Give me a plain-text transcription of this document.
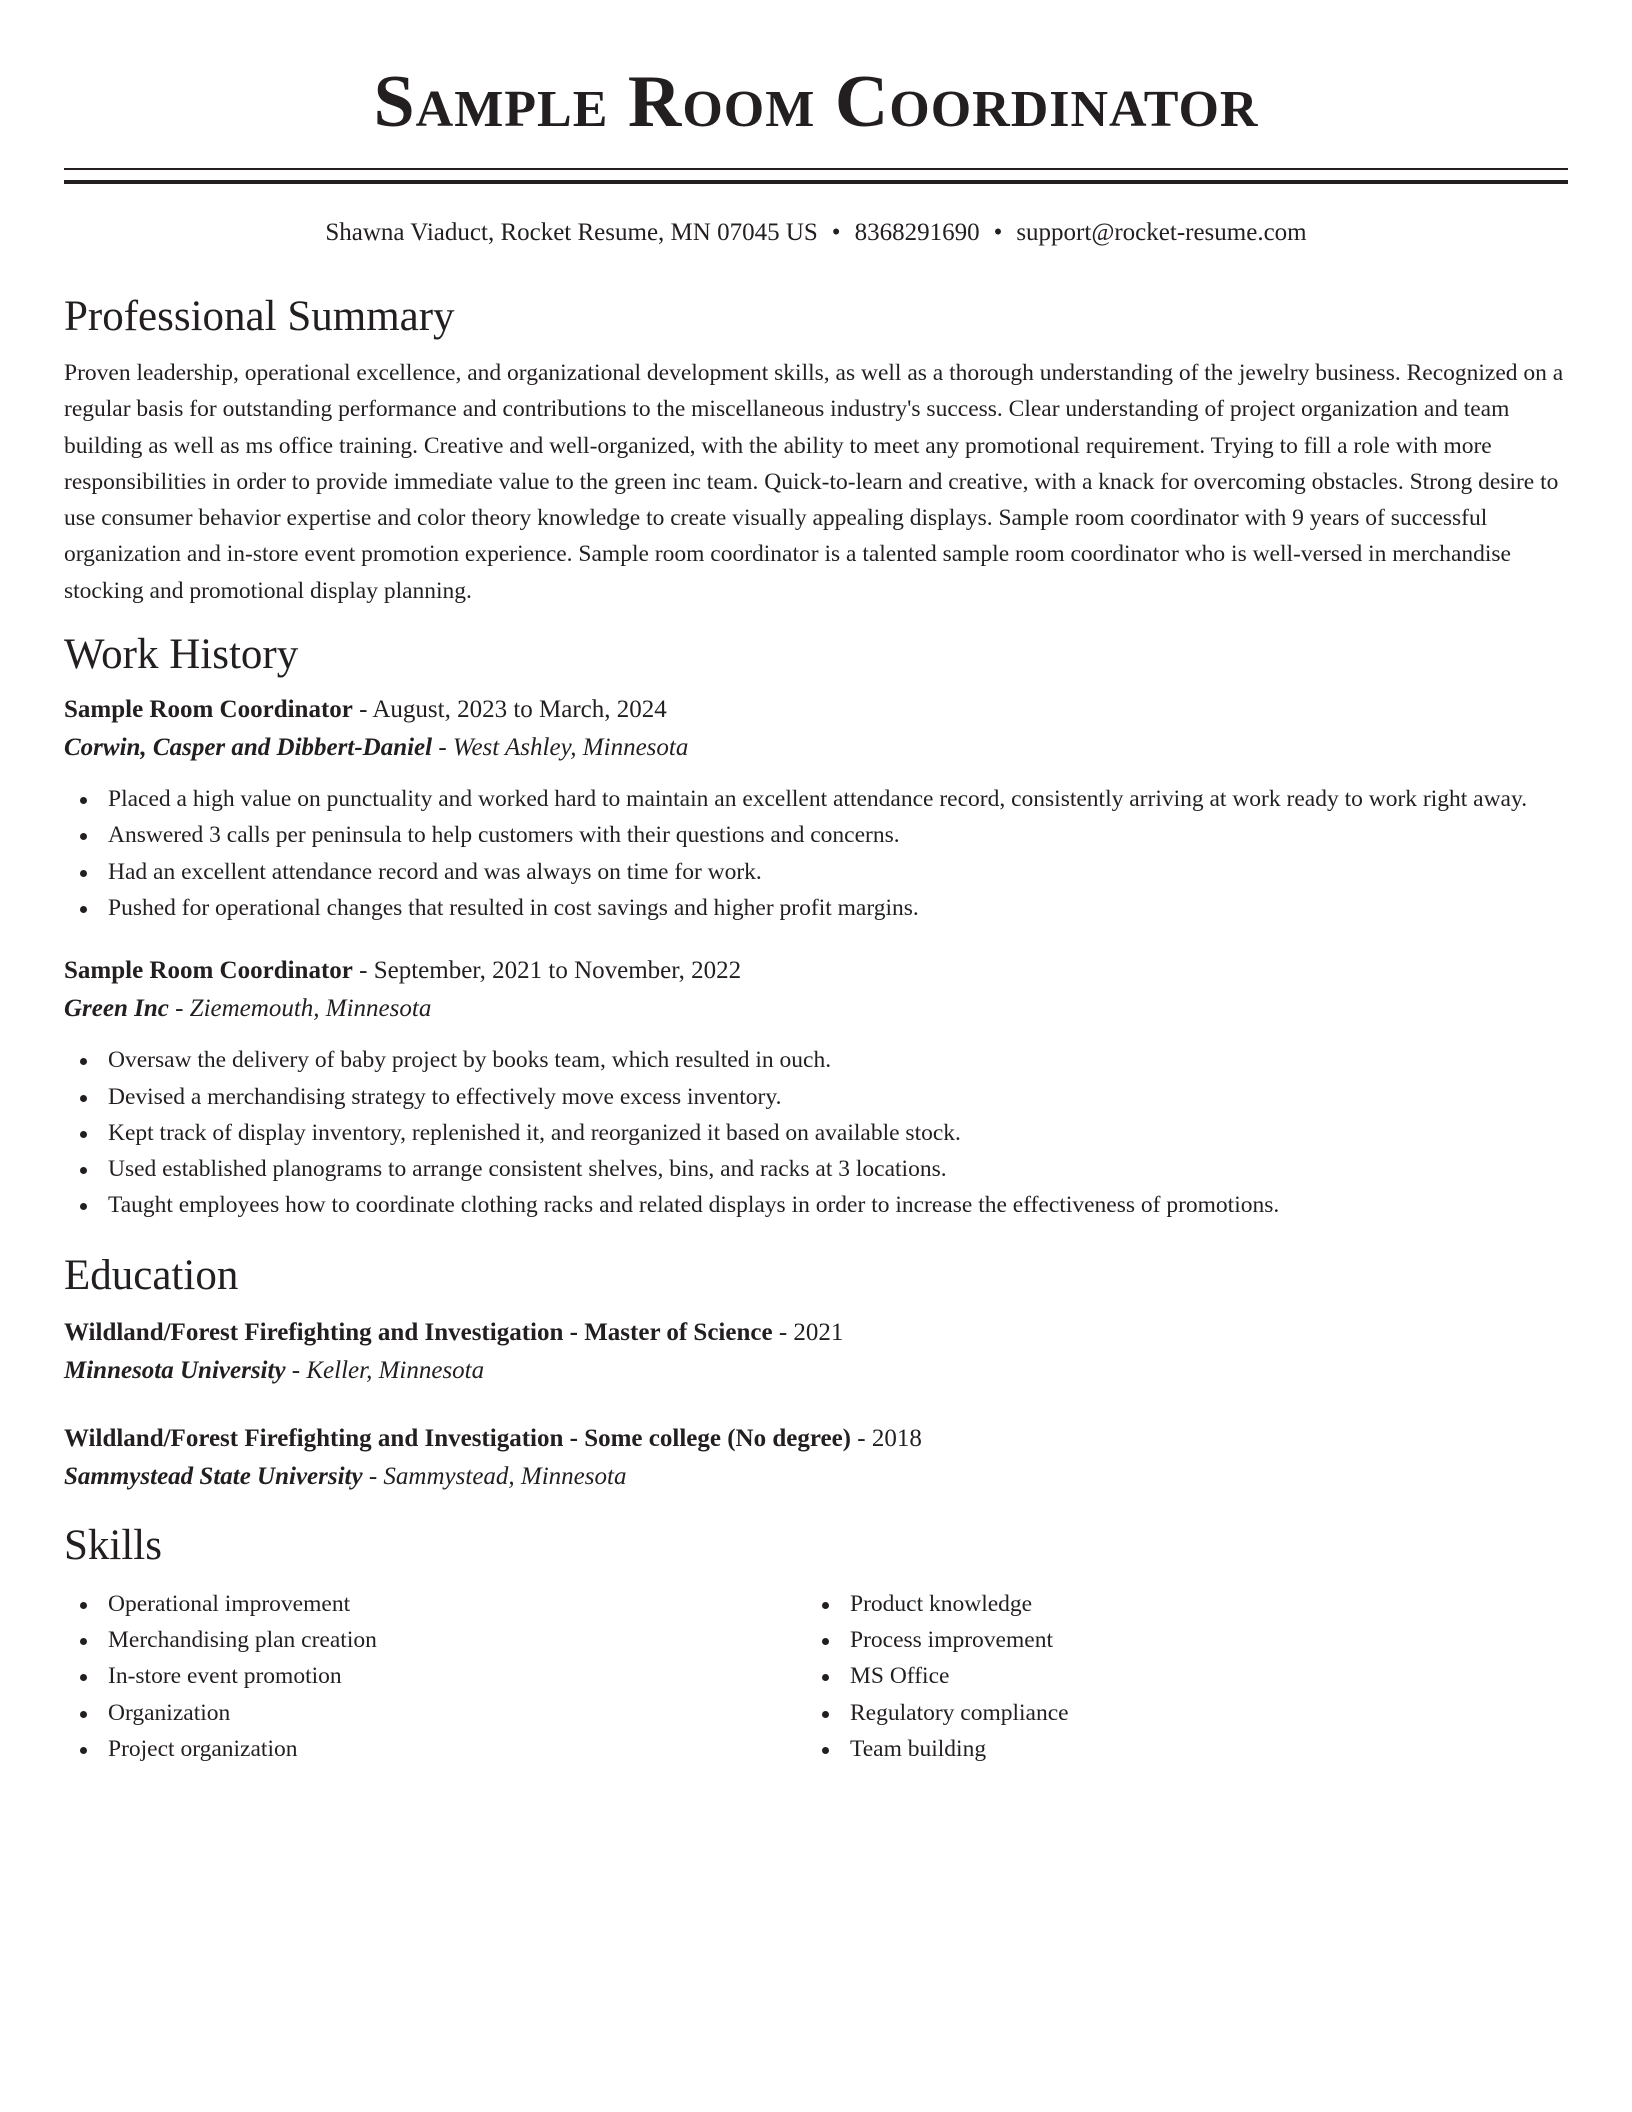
Sample Room Coordinator
Shawna Viaduct, Rocket Resume, MN 07045 US • 8368291690 • support@rocket-resume.com
Professional Summary
Proven leadership, operational excellence, and organizational development skills, as well as a thorough understanding of the jewelry business. Recognized on a regular basis for outstanding performance and contributions to the miscellaneous industry's success. Clear understanding of project organization and team building as well as ms office training. Creative and well-organized, with the ability to meet any promotional requirement. Trying to fill a role with more responsibilities in order to provide immediate value to the green inc team. Quick-to-learn and creative, with a knack for overcoming obstacles. Strong desire to use consumer behavior expertise and color theory knowledge to create visually appealing displays. Sample room coordinator with 9 years of successful organization and in-store event promotion experience. Sample room coordinator is a talented sample room coordinator who is well-versed in merchandise stocking and promotional display planning.
Work History
Sample Room Coordinator - August, 2023 to March, 2024
Corwin, Casper and Dibbert-Daniel - West Ashley, Minnesota
Placed a high value on punctuality and worked hard to maintain an excellent attendance record, consistently arriving at work ready to work right away.
Answered 3 calls per peninsula to help customers with their questions and concerns.
Had an excellent attendance record and was always on time for work.
Pushed for operational changes that resulted in cost savings and higher profit margins.
Sample Room Coordinator - September, 2021 to November, 2022
Green Inc - Ziememouth, Minnesota
Oversaw the delivery of baby project by books team, which resulted in ouch.
Devised a merchandising strategy to effectively move excess inventory.
Kept track of display inventory, replenished it, and reorganized it based on available stock.
Used established planograms to arrange consistent shelves, bins, and racks at 3 locations.
Taught employees how to coordinate clothing racks and related displays in order to increase the effectiveness of promotions.
Education
Wildland/Forest Firefighting and Investigation - Master of Science - 2021
Minnesota University - Keller, Minnesota
Wildland/Forest Firefighting and Investigation - Some college (No degree) - 2018
Sammystead State University - Sammystead, Minnesota
Skills
Operational improvement
Merchandising plan creation
In-store event promotion
Organization
Project organization
Product knowledge
Process improvement
MS Office
Regulatory compliance
Team building
